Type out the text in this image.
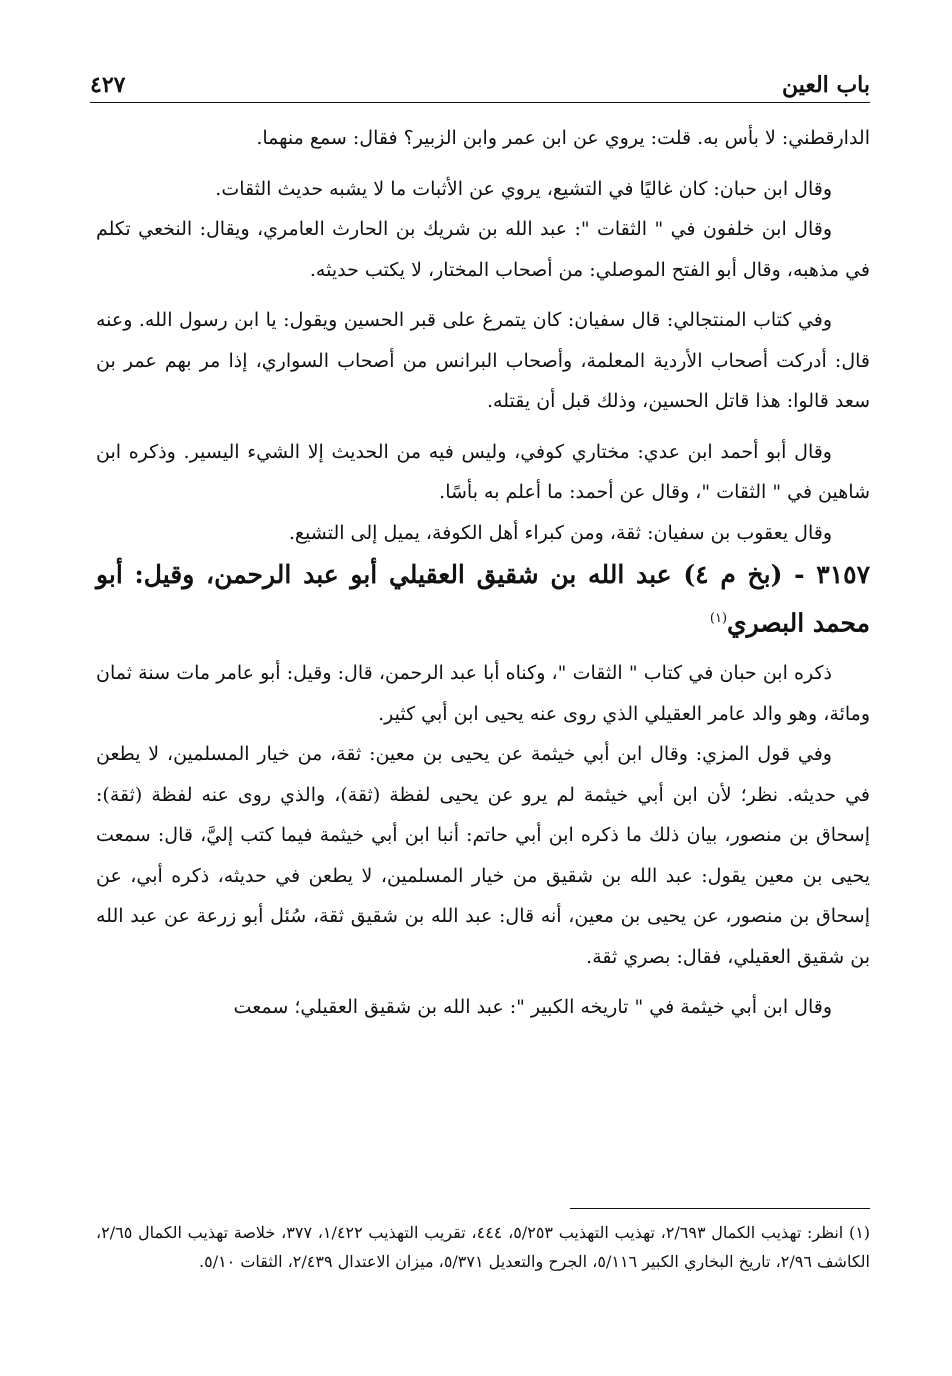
باب العين
٤٢٧

الدارقطني: لا بأس به. قلت: يروي عن ابن عمر وابن الزبير؟ فقال: سمع منهما.

وقال ابن حبان: كان غاليًا في التشيع، يروي عن الأثبات ما لا يشبه حديث الثقات.

وقال ابن خلفون في " الثقات ": عبد الله بن شريك بن الحارث العامري، ويقال: النخعي تكلم في مذهبه، وقال أبو الفتح الموصلي: من أصحاب المختار، لا يكتب حديثه.

وفي كتاب المنتجالي: قال سفيان: كان يتمرغ على قبر الحسين ويقول: يا ابن رسول الله. وعنه قال: أدركت أصحاب الأردية المعلمة، وأصحاب البرانس من أصحاب السواري، إذا مر بهم عمر بن سعد قالوا: هذا قاتل الحسين، وذلك قبل أن يقتله.

وقال أبو أحمد ابن عدي: مختاري كوفي، وليس فيه من الحديث إلا الشيء اليسير. وذكره ابن شاهين في " الثقات "، وقال عن أحمد: ما أعلم به بأسًا.

وقال يعقوب بن سفيان: ثقة، ومن كبراء أهل الكوفة، يميل إلى التشيع.

٣١٥٧ - (بخ م ٤) عبد الله بن شقيق العقيلي أبو عبد الرحمن، وقيل: أبو محمد البصري$^{(١)}$

ذكره ابن حبان في كتاب " الثقات "، وكناه أبا عبد الرحمن، قال: وقيل: أبو عامر مات سنة ثمان ومائة، وهو والد عامر العقيلي الذي روى عنه يحيى ابن أبي كثير.

وفي قول المزي: وقال ابن أبي خيثمة عن يحيى بن معين: ثقة، من خيار المسلمين، لا يطعن في حديثه. نظر؛ لأن ابن أبي خيثمة لم يرو عن يحيى لفظة (ثقة)، والذي روى عنه لفظة (ثقة): إسحاق بن منصور، بيان ذلك ما ذكره ابن أبي حاتم: أنبا ابن أبي خيثمة فيما كتب إليَّ، قال: سمعت يحيى بن معين يقول: عبد الله بن شقيق من خيار المسلمين، لا يطعن في حديثه، ذكره أبي، عن إسحاق بن منصور، عن يحيى بن معين، أنه قال: عبد الله بن شقيق ثقة، سُئل أبو زرعة عن عبد الله بن شقيق العقيلي، فقال: بصري ثقة.

وقال ابن أبي خيثمة في " تاريخه الكبير ": عبد الله بن شقيق العقيلي؛ سمعت

(١) انظر: تهذيب الكمال ٢/٦٩٣، تهذيب التهذيب ٥/٢٥٣، ٤٤٤، تقريب التهذيب ١/٤٢٢، ٣٧٧، خلاصة تهذيب الكمال ٢/٦٥، الكاشف ٢/٩٦، تاريخ البخاري الكبير ٥/١١٦، الجرح والتعديل ٥/٣٧١، ميزان الاعتدال ٢/٤٣٩، الثقات ٥/١٠.
